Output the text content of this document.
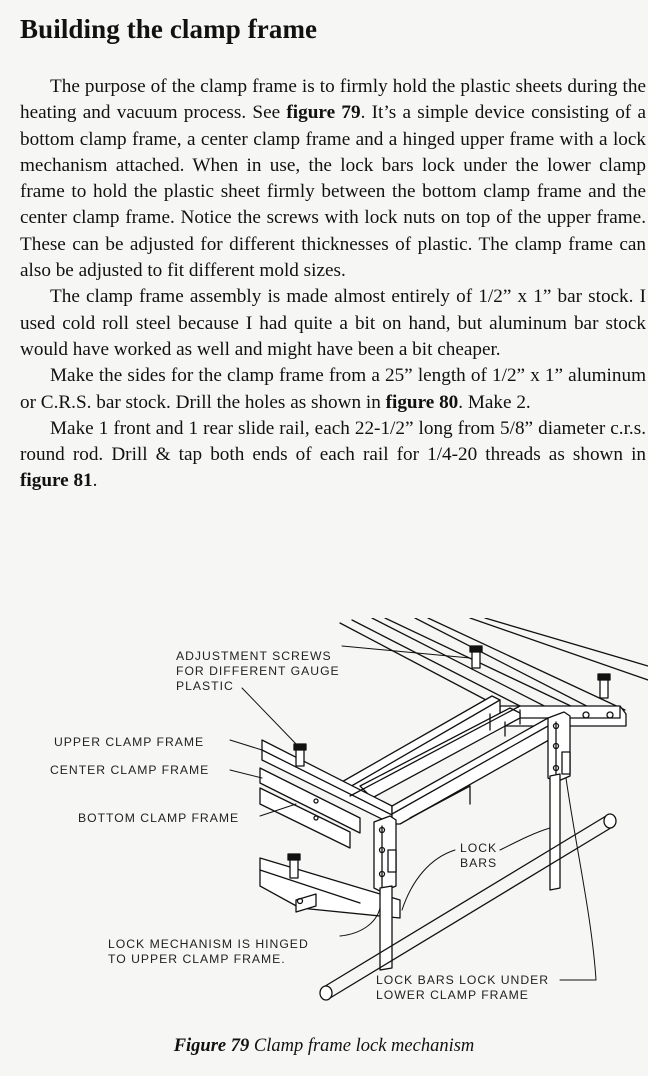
Building the clamp frame

The purpose of the clamp frame is to firmly hold the plastic sheets during the heating and vacuum process. See figure 79. It’s a simple device consisting of a bottom clamp frame, a center clamp frame and a hinged upper frame with a lock mechanism attached. When in use, the lock bars lock under the lower clamp frame to hold the plastic sheet firmly between the bottom clamp frame and the center clamp frame. Notice the screws with lock nuts on top of the upper frame. These can be adjusted for different thicknesses of plastic. The clamp frame can also be adjusted to fit different mold sizes.

The clamp frame assembly is made almost entirely of 1/2” x 1” bar stock. I used cold roll steel because I had quite a bit on hand, but aluminum bar stock would have worked as well and might have been a bit cheaper.

Make the sides for the clamp frame from a 25” length of 1/2” x 1” aluminum or C.R.S. bar stock. Drill the holes as shown in figure 80. Make 2.

Make 1 front and 1 rear slide rail, each 22-1/2” long from 5/8” diameter c.r.s. round rod. Drill & tap both ends of each rail for 1/4-20 threads as shown in figure 81.

ADJUSTMENT SCREWS
FOR DIFFERENT GAUGE
PLASTIC
UPPER CLAMP FRAME
CENTER CLAMP FRAME
BOTTOM CLAMP FRAME
LOCK
BARS
LOCK MECHANISM IS HINGED
TO UPPER CLAMP FRAME.
LOCK BARS LOCK UNDER
LOWER CLAMP FRAME
Figure 79 Clamp frame lock mechanism
